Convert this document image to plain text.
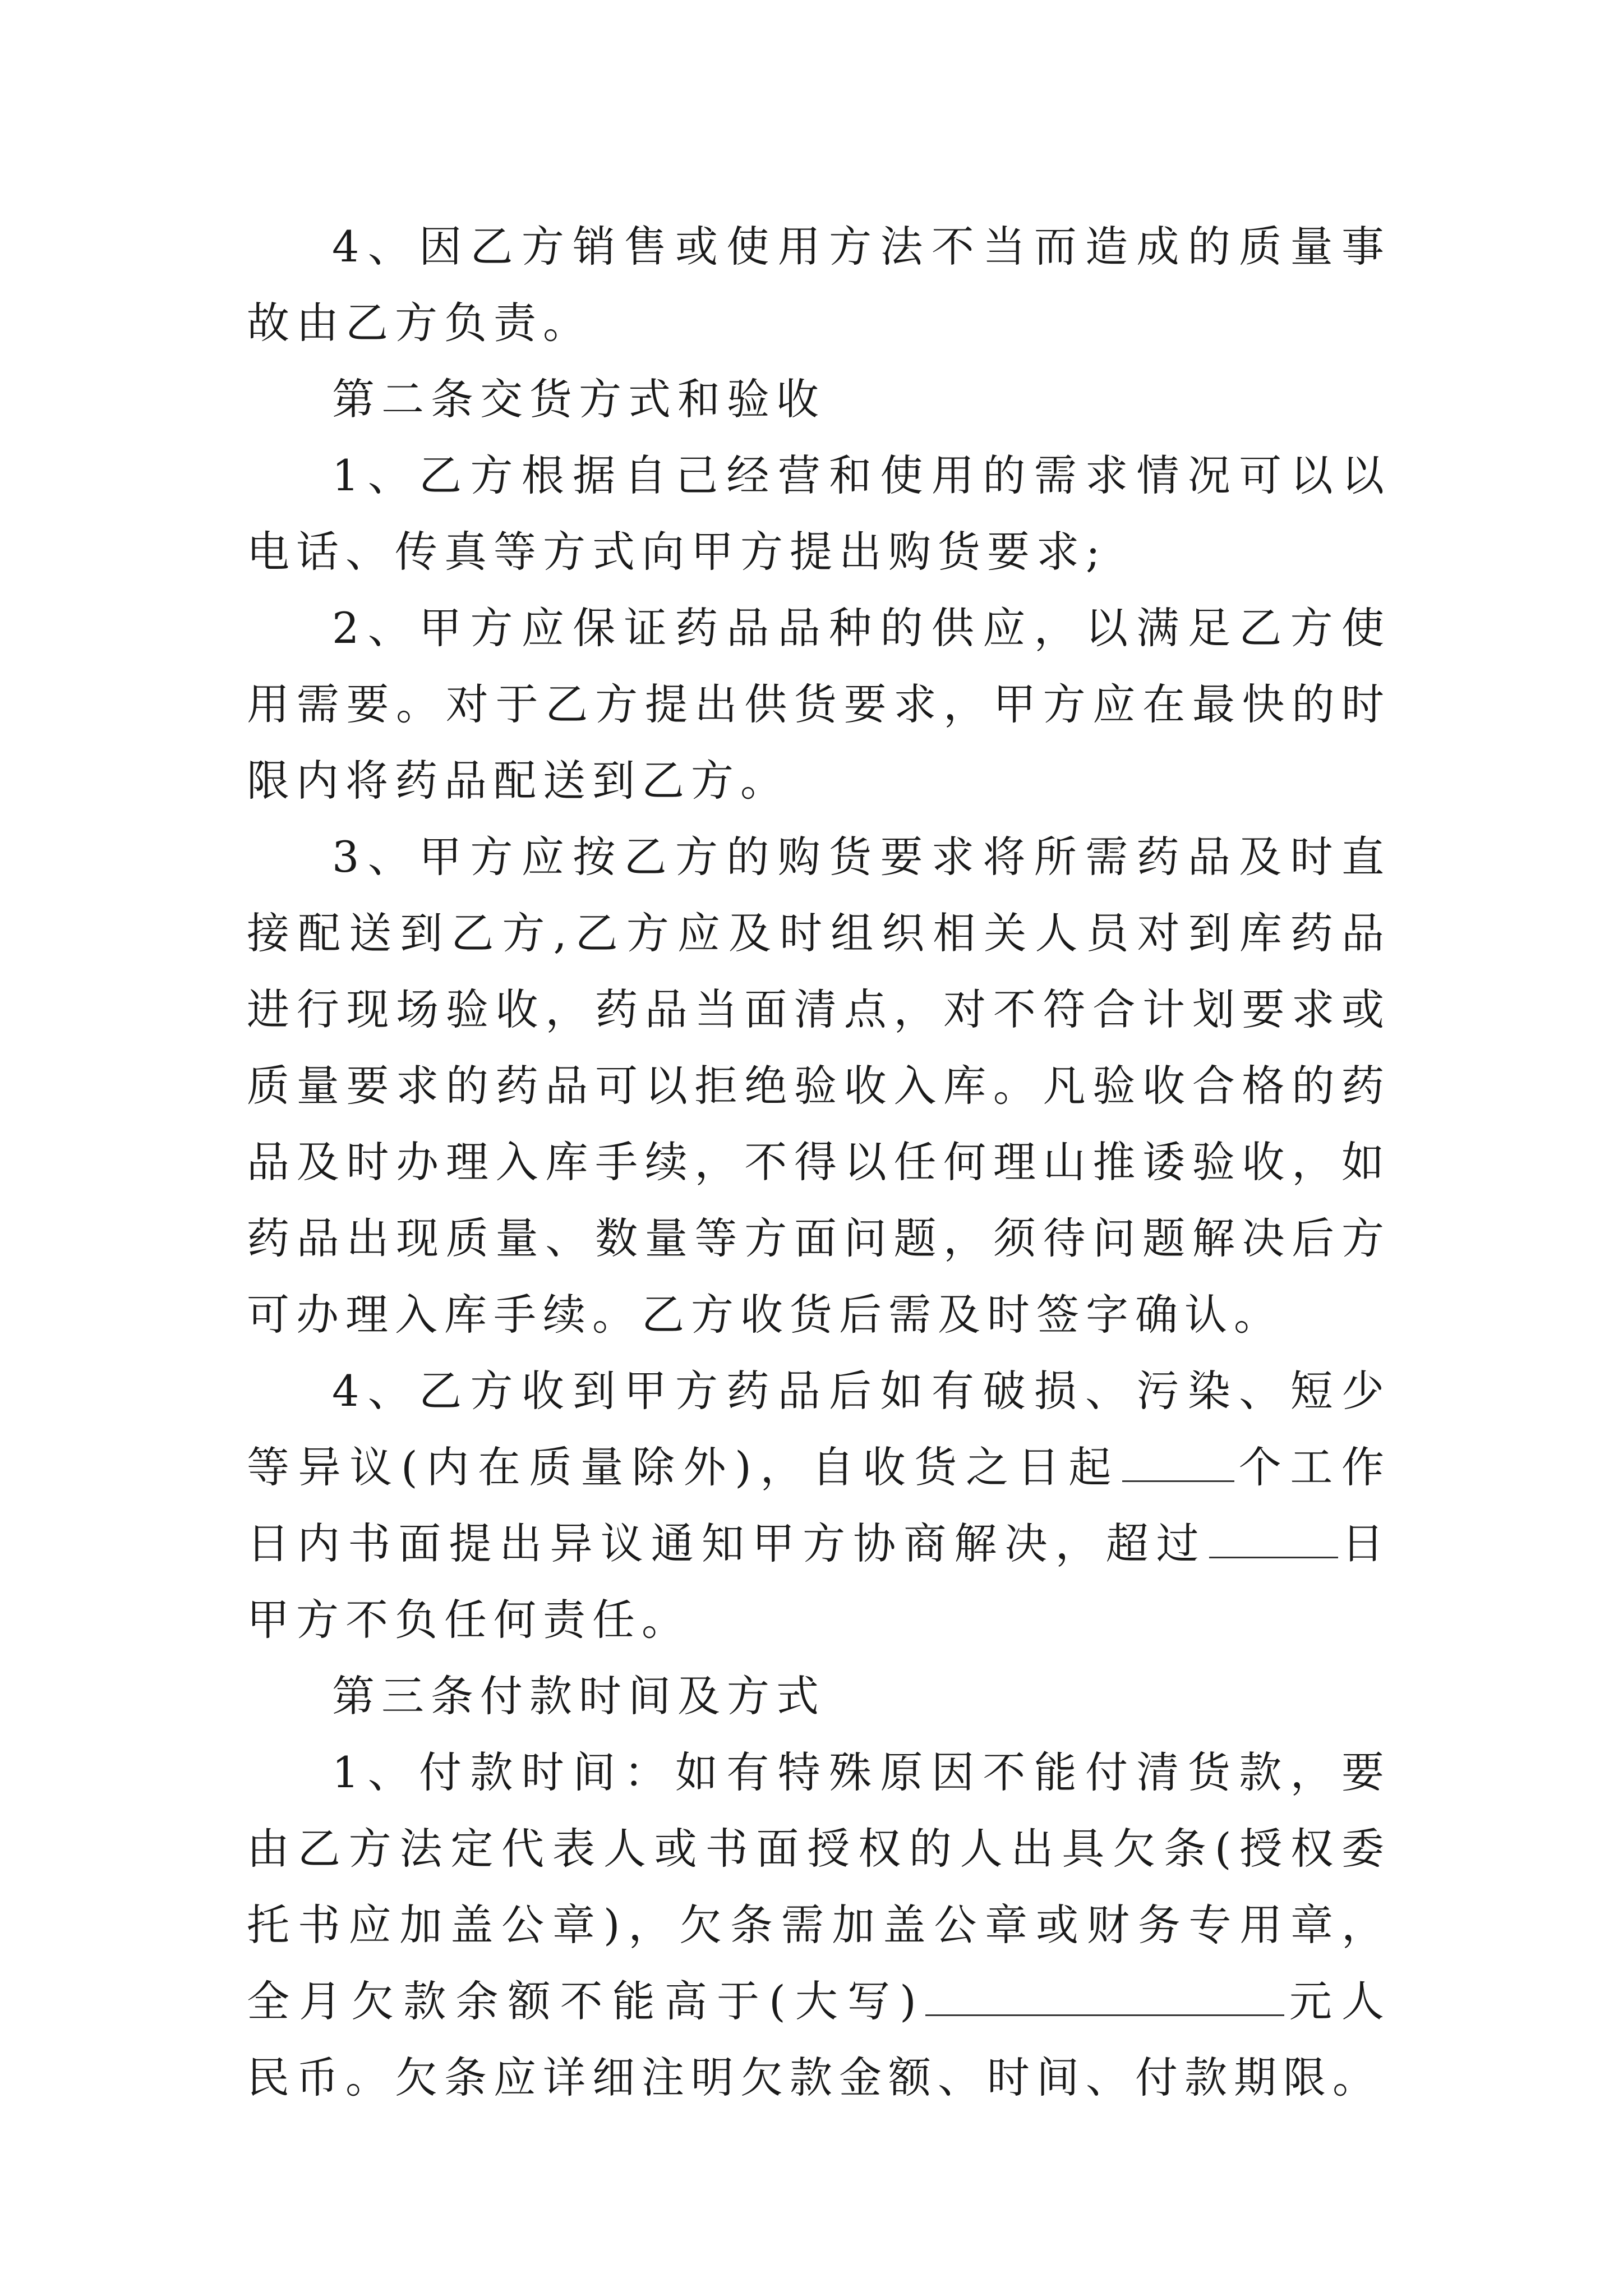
4、因乙方销售或使用方法不当而造成的质量事故由乙方负责。

第二条交货方式和验收

1、乙方根据自己经营和使用的需求情况可以以电话、传真等方式向甲方提出购货要求;

2、甲方应保证药品品种的供应，以满足乙方使用需要。对于乙方提出供货要求，甲方应在最快的时限内将药品配送到乙方。

3、甲方应按乙方的购货要求将所需药品及时直接配送到乙方,乙方应及时组织相关人员对到库药品进行现场验收，药品当面清点，对不符合计划要求或质量要求的药品可以拒绝验收入库。凡验收合格的药品及时办理入库手续，不得以任何理山推诿验收，如药品出现质量、数量等方面问题，须待问题解决后方可办理入库手续。乙方收货后需及时签字确认。

4、乙方收到甲方药品后如有破损、污染、短少等异议(内在质量除外)，自收货之日起	个工作日内书面提出异议通知甲方协商解决，超过	日甲方不负任何责任。

第三条付款时间及方式

1、付款时间：如有特殊原因不能付清货款，要由乙方法定代表人或书面授权的人出具欠条(授权委托书应加盖公章)，欠条需加盖公章或财务专用章，全月欠款余额不能高于(大写)	元人民币。欠条应详细注明欠款金额、时间、付款期限。
